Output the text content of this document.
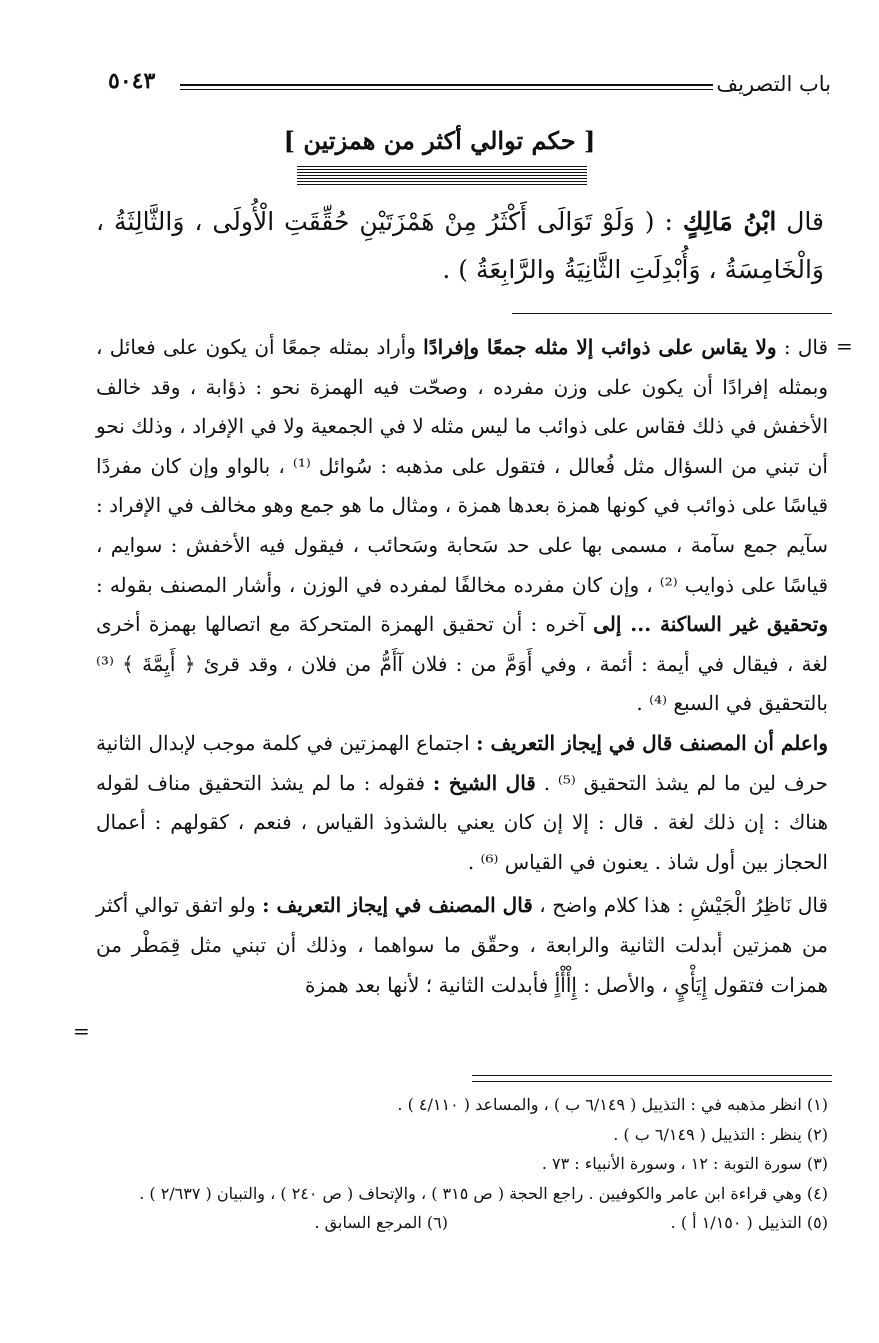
باب التصريف
٥٠٤٣
[ حكم توالي أكثر من همزتين ]
قال ابْنُ مَالِكٍ : ( وَلَوْ تَوَالَى أَكْثَرُ مِنْ هَمْزَتَيْنِ حُقِّقَتِ الْأُولَى ، وَالثَّالِثَةُ ، وَالْخَامِسَةُ ، وَأُبْدِلَتِ الثَّانِيَةُ والرَّابِعَةُ ) .
=

قال : ولا يقاس على ذوائب إلا مثله جمعًا وإفرادًا وأراد بمثله جمعًا أن يكون على فعائل ، وبمثله إفرادًا أن يكون على وزن مفرده ، وصحّت فيه الهمزة نحو : ذؤابة ، وقد خالف الأخفش في ذلك فقاس على ذوائب ما ليس مثله لا في الجمعية ولا في الإفراد ، وذلك نحو أن تبني من السؤال مثل فُعالل ، فتقول على مذهبه : سُوائل ⁽¹⁾ ، بالواو وإن كان مفردًا قياسًا على ذوائب في كونها همزة بعدها همزة ، ومثال ما هو جمع وهو مخالف في الإفراد : سآيم جمع سآمة ، مسمى بها على حد سَحابة وسَحائب ، فيقول فيه الأخفش : سوايم ، قياسًا على ذوايب ⁽²⁾ ، وإن كان مفرده مخالفًا لمفرده في الوزن ، وأشار المصنف بقوله : وتحقيق غير الساكنة ... إلى آخره : أن تحقيق الهمزة المتحركة مع اتصالها بهمزة أخرى لغة ، فيقال في أيمة : أئمة ، وفي أَوَمَّ من : فلان آأَمُّ من فلان ، وقد قرئ ﴿ أَيِمَّةَ ﴾ ⁽³⁾ بالتحقيق في السبع ⁽⁴⁾ .

واعلم أن المصنف قال في إيجاز التعريف : اجتماع الهمزتين في كلمة موجب لإبدال الثانية حرف لين ما لم يشذ التحقيق ⁽⁵⁾ . قال الشيخ : فقوله : ما لم يشذ التحقيق مناف لقوله هناك : إن ذلك لغة . قال : إلا إن كان يعني بالشذوذ القياس ، فنعم ، كقولهم : أعمال الحجاز بين أول شاذ . يعنون في القياس ⁽⁶⁾ .

قال نَاظِرُ الْجَيْشِ : هذا كلام واضح ، قال المصنف في إيجاز التعريف : ولو اتفق توالي أكثر من همزتين أبدلت الثانية والرابعة ، وحقّق ما سواهما ، وذلك أن تبني مثل قِمَطْر من همزات فتقول إِيَأْيٍ ، والأصل : إِأْأْأٍ فأبدلت الثانية ؛ لأنها بعد همزة

=

(١) انظر مذهبه في : التذييل ( ٦/١٤٩ ب ) ، والمساعد ( ٤/١١٠ ) .

(٢) ينظر : التذييل ( ٦/١٤٩ ب ) .

(٣) سورة التوبة : ١٢ ، وسورة الأنبياء : ٧٣ .

(٤) وهي قراءة ابن عامر والكوفيين . راجع الحجة ( ص ٣١٥ ) ، والإتحاف ( ص ٢٤٠ ) ، والتبيان ( ٢/٦٣٧ ) .

(٥) التذييل ( ١/١٥٠ أ ) .
(٦) المرجع السابق .
